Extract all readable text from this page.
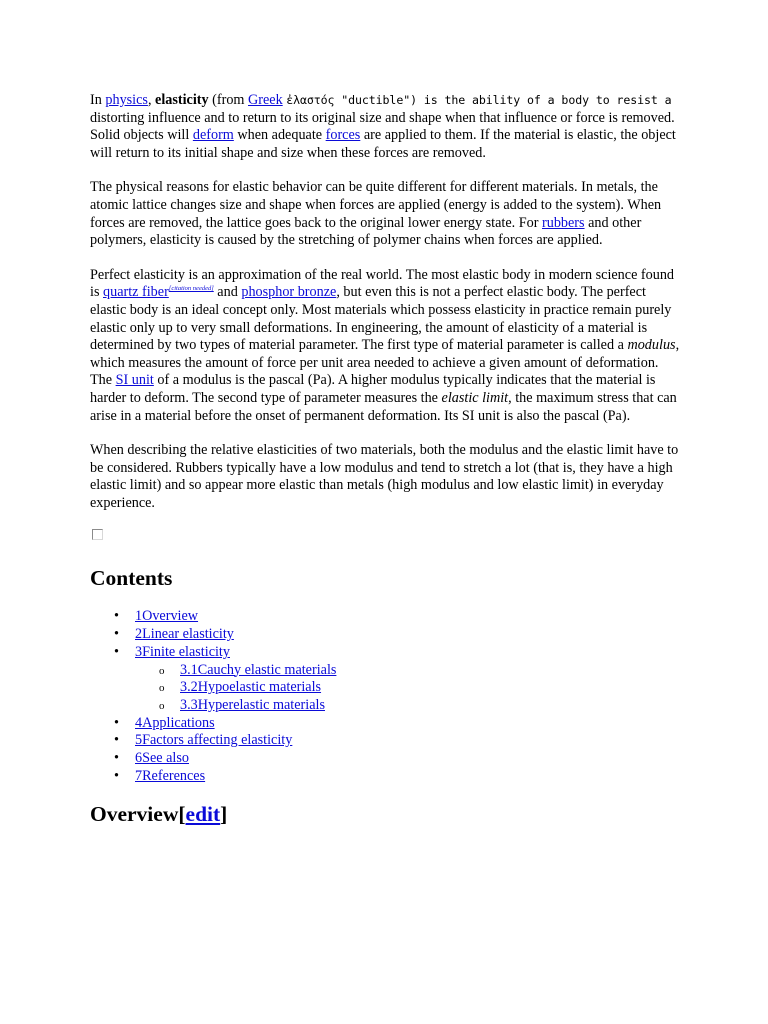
In physics, elasticity (from Greek ἐλαστός "ductible") is the ability of a body to resist a distorting influence and to return to its original size and shape when that influence or force is removed. Solid objects will deform when adequate forces are applied to them. If the material is elastic, the object will return to its initial shape and size when these forces are removed.

The physical reasons for elastic behavior can be quite different for different materials. In metals, the atomic lattice changes size and shape when forces are applied (energy is added to the system). When forces are removed, the lattice goes back to the original lower energy state. For rubbers and other polymers, elasticity is caused by the stretching of polymer chains when forces are applied.

Perfect elasticity is an approximation of the real world. The most elastic body in modern science found is quartz fiber[citation needed] and phosphor bronze, but even this is not a perfect elastic body. The perfect elastic body is an ideal concept only. Most materials which possess elasticity in practice remain purely elastic only up to very small deformations. In engineering, the amount of elasticity of a material is determined by two types of material parameter. The first type of material parameter is called a modulus, which measures the amount of force per unit area needed to achieve a given amount of deformation. The SI unit of a modulus is the pascal (Pa). A higher modulus typically indicates that the material is harder to deform. The second type of parameter measures the elastic limit, the maximum stress that can arise in a material before the onset of permanent deformation. Its SI unit is also the pascal (Pa).

When describing the relative elasticities of two materials, both the modulus and the elastic limit have to be considered. Rubbers typically have a low modulus and tend to stretch a lot (that is, they have a high elastic limit) and so appear more elastic than metals (high modulus and low elastic limit) in everyday experience.

Contents
• 1Overview
• 2Linear elasticity
• 3Finite elasticity
o 3.1Cauchy elastic materials
o 3.2Hypoelastic materials
o 3.3Hyperelastic materials
• 4Applications
• 5Factors affecting elasticity
• 6See also
• 7References
Overview[edit]
